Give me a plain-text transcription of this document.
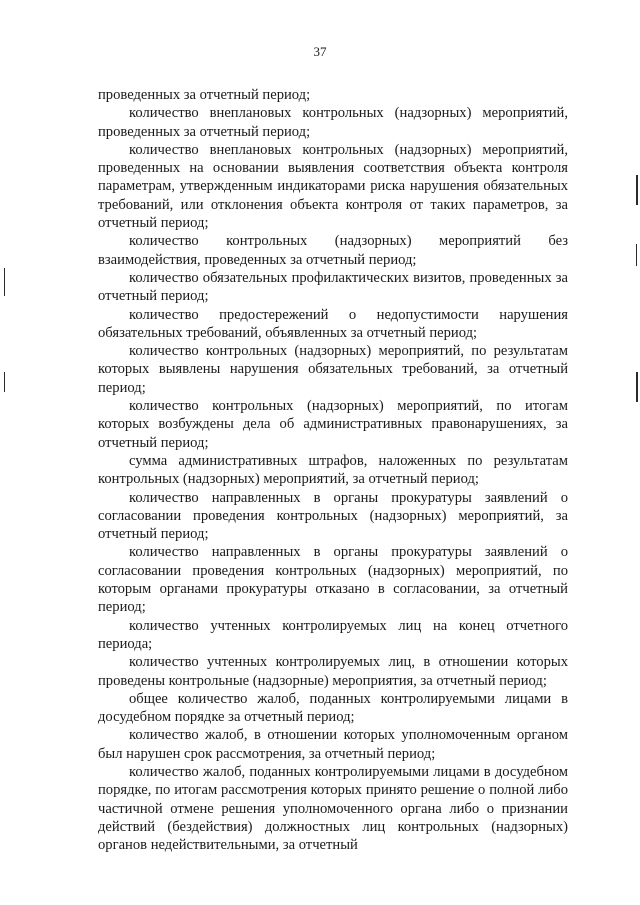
37

проведенных за отчетный период;

количество внеплановых контрольных (надзорных) мероприятий, проведенных за отчетный период;

количество внеплановых контрольных (надзорных) мероприятий, проведенных на основании выявления соответствия объекта контроля параметрам, утвержденным индикаторами риска нарушения обязательных требований, или отклонения объекта контроля от таких параметров, за отчетный период;

количество контрольных (надзорных) мероприятий без взаимодействия, проведенных за отчетный период;

количество обязательных профилактических визитов, проведенных за отчетный период;

количество предостережений о недопустимости нарушения обязательных требований, объявленных за отчетный период;

количество контрольных (надзорных) мероприятий, по результатам которых выявлены нарушения обязательных требований, за отчетный период;

количество контрольных (надзорных) мероприятий, по итогам которых возбуждены дела об административных правонарушениях, за отчетный период;

сумма административных штрафов, наложенных по результатам контрольных (надзорных) мероприятий, за отчетный период;

количество направленных в органы прокуратуры заявлений о согласовании проведения контрольных (надзорных) мероприятий, за отчетный период;

количество направленных в органы прокуратуры заявлений о согласовании проведения контрольных (надзорных) мероприятий, по которым органами прокуратуры отказано в согласовании, за отчетный период;

количество учтенных контролируемых лиц на конец отчетного периода;

количество учтенных контролируемых лиц, в отношении которых проведены контрольные (надзорные) мероприятия, за отчетный период;

общее количество жалоб, поданных контролируемыми лицами в досудебном порядке за отчетный период;

количество жалоб, в отношении которых уполномоченным органом был нарушен срок рассмотрения, за отчетный период;

количество жалоб, поданных контролируемыми лицами в досудебном порядке, по итогам рассмотрения которых принято решение о полной либо частичной отмене решения уполномоченного органа либо о признании действий (бездействия) должностных лиц контрольных (надзорных) органов недействительными, за отчетный
